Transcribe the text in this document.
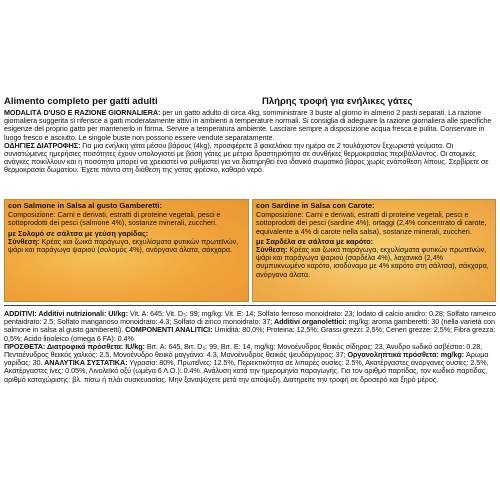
Alimento completo per gatti adulti	Πλήρης τροφή για ενήλικες γάτες
MODALITÀ D'USO E RAZIONE GIORNALIERA: per un gatto adulto di circa 4kg, somministrare 3 buste al giorno in almeno 2 pasti separati. La razione giornaliera suggerita si riferisce a gatti moderatamente attivi in ambienti a temperature normali. Si consiglia di adeguare la razione giornaliera alle specifiche esigenze del proprio gatto per mantenerlo in forma. Servire a temperatura ambiente. Lasciare sempre a disposizione acqua fresca e pulita. Conservare in luogo fresco e asciutto. Le singole buste non possono essere vendute separatamente.
ΟΔΗΓΙΕΣ ΔΙΑΤΡΟΦΗΣ: Για μια ενήλικη γάτα μέσου βάρους (4kg), προσφέρετε 3 φακελάκια την ημέρα σε 2 τουλάχιστον ξεχωριστά γεύματα. Οι συνιστώμενες ημερήσιες ποσότητες έχουν υπολογιστεί με βάση γάτες με μέτρια δραστηριότητα σε συνθήκες θερμοκρασίας περιβάλλοντος. Οι ατομικές ανάγκες ποικίλλουν και η ποσότητα μπορεί να χρειαστεί να ρυθμιστεί για να διατηρηθεί ένα ιδανικό σωματικό βάρος χωρίς ενάποθεση λίπους. Σερβίρετε σε θερμοκρασία δωματίου. Έχετε πάντα στη διάθεση της γάτας φρέσκο, καθαρό νερό.
con Salmone in Salsa al gusto Gamberetti:
Composizione: Carni e derivati, estratti di proteine vegetali, pesci e sottoprodotti dei pesci (salmone 4%), sostanze minerali, zuccheri.
με Σολομό σε σάλτσα με γεύση γαρίδας:
Σύνθεση: Κρέας και ζωικά παράγωγα, εκχυλίσματα φυτικών πρωτεϊνών, ψάρι και παράγωγα ψαριού (σολομός 4%), ανόργανα άλατα, σάκχαρα.
con Sardine in Salsa con Carote:
Composizione: Carni e derivati, estratti di proteine vegetali, pesci e sottoprodotti dei pesci (sardine 4%), ortaggi (2,4% concentrato di carote, equivalente a 4% di carote nella salsa), sostanze minerali, zuccheri.
με Σαρδέλα σε σάλτσα με καρότο:
Σύνθεση: Κρέας και ζωικά παράγωγα, εκχυλίσματα φυτικών πρωτεϊνών, ψάρι και παράγωγα ψαριού (σαρδέλα 4%), λαχανικά (2,4% συμπυκνωμένο καρότο, ισοδύναμο με 4% καρότο στη σάλτσα), σάκχαρα, ανόργανα άλατα.
ADDITIVI: Additivi nutrizionali: UI/kg: Vit. A: 645; Vit. D₃: 99; mg/kg: Vit. E: 14; Solfato ferroso monoidrato: 23; Iodato di calcio anidro: 0.28; Solfato rameico pentaidrato: 2.5; Solfato manganoso monoidrato: 4.3; Solfato di zinco monoidrato: 37; Additivi organolettici: mg/kg: aroma gamberetti: 30 (nella varietà con salmone in salsa al gusto gamberetti). COMPONENTI ANALITICI: Umidità: 80,0%; Proteina: 12,5%; Grassi grezzi: 2,5%; Ceneri grezze: 2,5%; Fibra grezza: 0,5%; Acido linoleico (omega 6 FA): 0.4%
ΠΡΟΣΘΕΤΑ: Διατροφικά πρόσθετα: IU/kg: Βιτ. A: 645, Βιτ. D₃: 99, Βιτ. E: 14, mg/kg: Μονοένυδρος θειικός σίδηρος: 23, Άνυδρο ιωδικό ασβέστιο: 0.28, Πενταένυδρος θειικός χαλκός: 2.5, Μονοένυδρο θειικό μαγγάνιο: 4.3, Μονοένυδρος θειικός ψευδάργυρος: 37; Οργανοληπτικά πρόσθετα: mg/kg: Άρωμα γαρίδας: 30. ΑΝΑΛΥΤΙΚΑ ΣΥΣΤΑΤΙΚΑ: Υγρασία: 80%, Πρωτεΐνες: 12.5%, Περιεκτικότητα σε λιπαρές ουσίες: 2.5%, Ακατέργαστες ανόργανες ουσίες: 2.5%, Ακατέργαστες ίνες: 0.05%, Λινολεϊκό οξύ (ωμέγα 6 Λ.Ο.): 0.4%. Ανάλυση κατά την ημερομηνία παραγωγής. Για τον αριθμό παρτίδας, τον κωδικό παρτίδας, αριθμό καταχώρισης: βλ. πίσω ή πλάι συσκευασίας. Μην ξαναψύχετε μετά την απόψυξη. Διατηρείτε την τροφή σε δροσερό και ξηρό μέρος.
